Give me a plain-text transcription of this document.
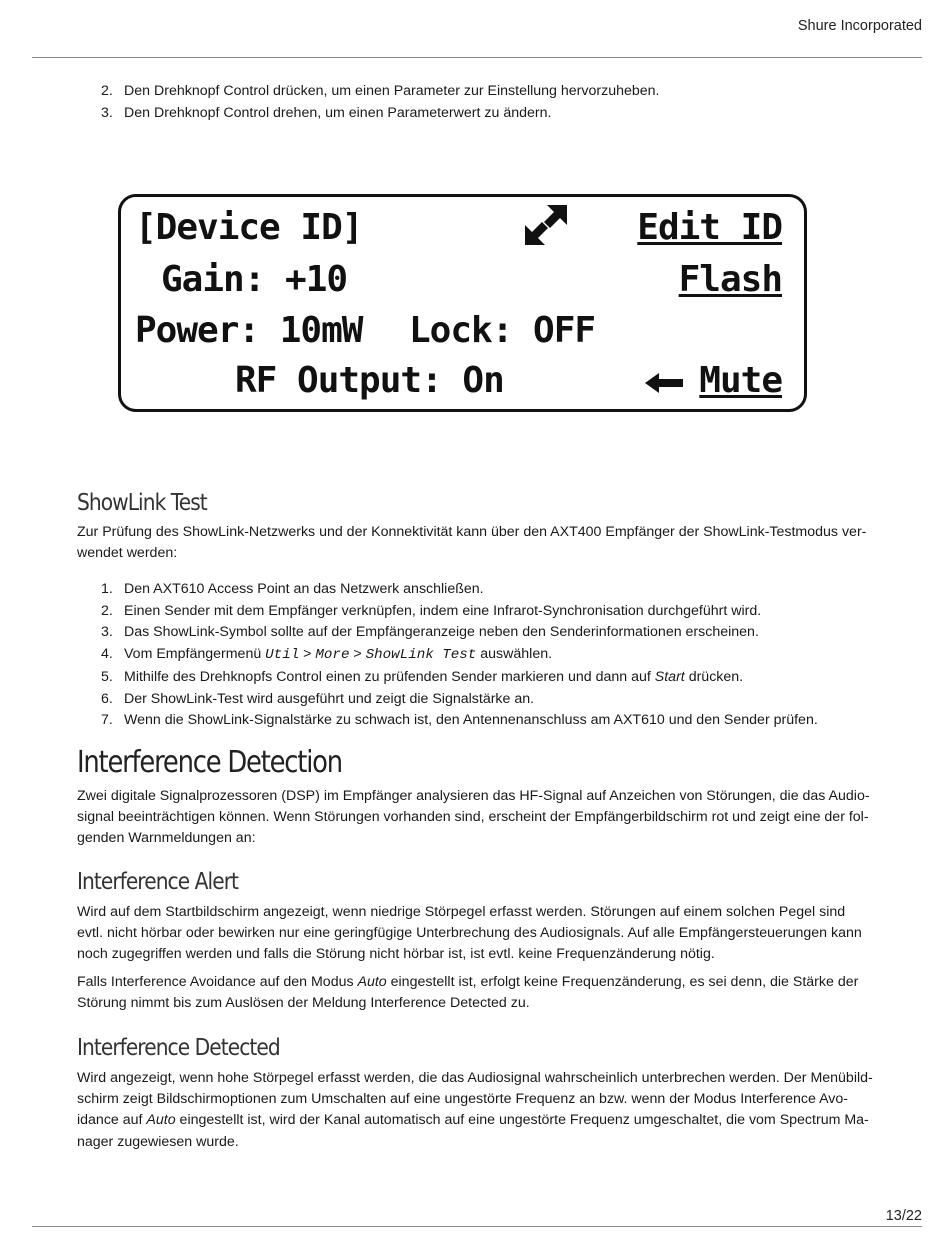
Shure Incorporated
2. Den Drehknopf Control drücken, um einen Parameter zur Einstellung hervorzuheben.
3. Den Drehknopf Control drehen, um einen Parameterwert zu ändern.
[Device ID]	Edit ID
Gain: +10	Flash
Power: 10mW Lock: OFF
RF Output: On	Mute
ShowLink Test

Zur Prüfung des ShowLink-Netzwerks und der Konnektivität kann über den AXT400 Empfänger der ShowLink-Testmodus ver-

wendet werden:

1. Den AXT610 Access Point an das Netzwerk anschließen.
2. Einen Sender mit dem Empfänger verknüpfen, indem eine Infrarot-Synchronisation durchgeführt wird.
3. Das ShowLink-Symbol sollte auf der Empfängeranzeige neben den Senderinformationen erscheinen.
4. Vom Empfängermenü Util > More > ShowLink Test auswählen.
5. Mithilfe des Drehknopfs Control einen zu prüfenden Sender markieren und dann auf Start drücken.
6. Der ShowLink-Test wird ausgeführt und zeigt die Signalstärke an.
7. Wenn die ShowLink-Signalstärke zu schwach ist, den Antennenanschluss am AXT610 und den Sender prüfen.
Interference Detection

Zwei digitale Signalprozessoren (DSP) im Empfänger analysieren das HF-Signal auf Anzeichen von Störungen, die das Audio-

signal beeinträchtigen können. Wenn Störungen vorhanden sind, erscheint der Empfängerbildschirm rot und zeigt eine der fol-

genden Warnmeldungen an:

Interference Alert

Wird auf dem Startbildschirm angezeigt, wenn niedrige Störpegel erfasst werden. Störungen auf einem solchen Pegel sind

evtl. nicht hörbar oder bewirken nur eine geringfügige Unterbrechung des Audiosignals. Auf alle Empfängersteuerungen kann

noch zugegriffen werden und falls die Störung nicht hörbar ist, ist evtl. keine Frequenzänderung nötig.

Falls Interference Avoidance auf den Modus Auto eingestellt ist, erfolgt keine Frequenzänderung, es sei denn, die Stärke der

Störung nimmt bis zum Auslösen der Meldung Interference Detected zu.

Interference Detected

Wird angezeigt, wenn hohe Störpegel erfasst werden, die das Audiosignal wahrscheinlich unterbrechen werden. Der Menübild-

schirm zeigt Bildschirmoptionen zum Umschalten auf eine ungestörte Frequenz an bzw. wenn der Modus Interference Avo-

idance auf Auto eingestellt ist, wird der Kanal automatisch auf eine ungestörte Frequenz umgeschaltet, die vom Spectrum Ma-

nager zugewiesen wurde.

13/22
